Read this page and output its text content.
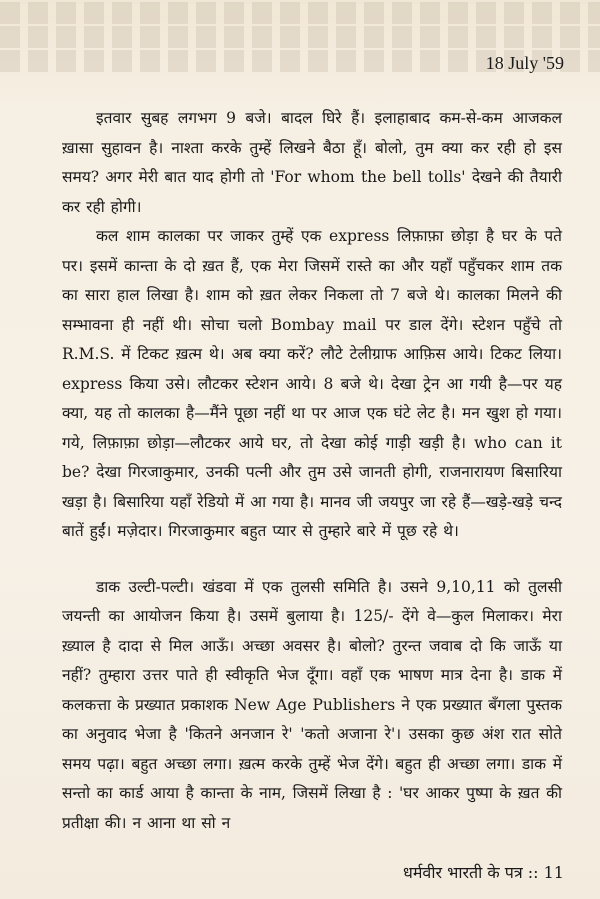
18 July '59

इतवार सुबह लगभग 9 बजे। बादल घिरे हैं। इलाहाबाद कम-से-कम आजकल ख़ासा सुहावन है। नाश्ता करके तुम्हें लिखने बैठा हूँ। बोलो, तुम क्या कर रही हो इस समय? अगर मेरी बात याद होगी तो 'For whom the bell tolls' देखने की तैयारी कर रही होगी।

कल शाम कालका पर जाकर तुम्हें एक express लिफ़ाफ़ा छोड़ा है घर के पते पर। इसमें कान्ता के दो ख़त हैं, एक मेरा जिसमें रास्ते का और यहाँ पहुँचकर शाम तक का सारा हाल लिखा है। शाम को ख़त लेकर निकला तो 7 बजे थे। कालका मिलने की सम्भावना ही नहीं थी। सोचा चलो Bombay mail पर डाल देंगे। स्टेशन पहुँचे तो R.M.S. में टिकट ख़त्म थे। अब क्या करें? लौटे टेलीग्राफ आफ़िस आये। टिकट लिया। express किया उसे। लौटकर स्टेशन आये। 8 बजे थे। देखा ट्रेन आ गयी है—पर यह क्या, यह तो कालका है—मैंने पूछा नहीं था पर आज एक घंटे लेट है। मन खुश हो गया। गये, लिफ़ाफ़ा छोड़ा—लौटकर आये घर, तो देखा कोई गाड़ी खड़ी है। who can it be? देखा गिरजाकुमार, उनकी पत्नी और तुम उसे जानती होगी, राजनारायण बिसारिया खड़ा है। बिसारिया यहाँ रेडियो में आ गया है। मानव जी जयपुर जा रहे हैं—खड़े-खड़े चन्द बातें हुईं। मज़ेदार। गिरजाकुमार बहुत प्यार से तुम्हारे बारे में पूछ रहे थे।

डाक उल्टी-पल्टी। खंडवा में एक तुलसी समिति है। उसने 9,10,11 को तुलसी जयन्ती का आयोजन किया है। उसमें बुलाया है। 125/- देंगे वे—कुल मिलाकर। मेरा ख़्याल है दादा से मिल आऊँ। अच्छा अवसर है। बोलो? तुरन्त जवाब दो कि जाऊँ या नहीं? तुम्हारा उत्तर पाते ही स्वीकृति भेज दूँगा। वहाँ एक भाषण मात्र देना है। डाक में कलकत्ता के प्रख्यात प्रकाशक New Age Publishers ने एक प्रख्यात बँगला पुस्तक का अनुवाद भेजा है 'कितने अनजान रे' 'कतो अजाना रे'। उसका कुछ अंश रात सोते समय पढ़ा। बहुत अच्छा लगा। ख़त्म करके तुम्हें भेज देंगे। बहुत ही अच्छा लगा। डाक में सन्तो का कार्ड आया है कान्ता के नाम, जिसमें लिखा है : 'घर आकर पुष्पा के ख़त की प्रतीक्षा की। न आना था सो न

धर्मवीर भारती के पत्र :: 11
